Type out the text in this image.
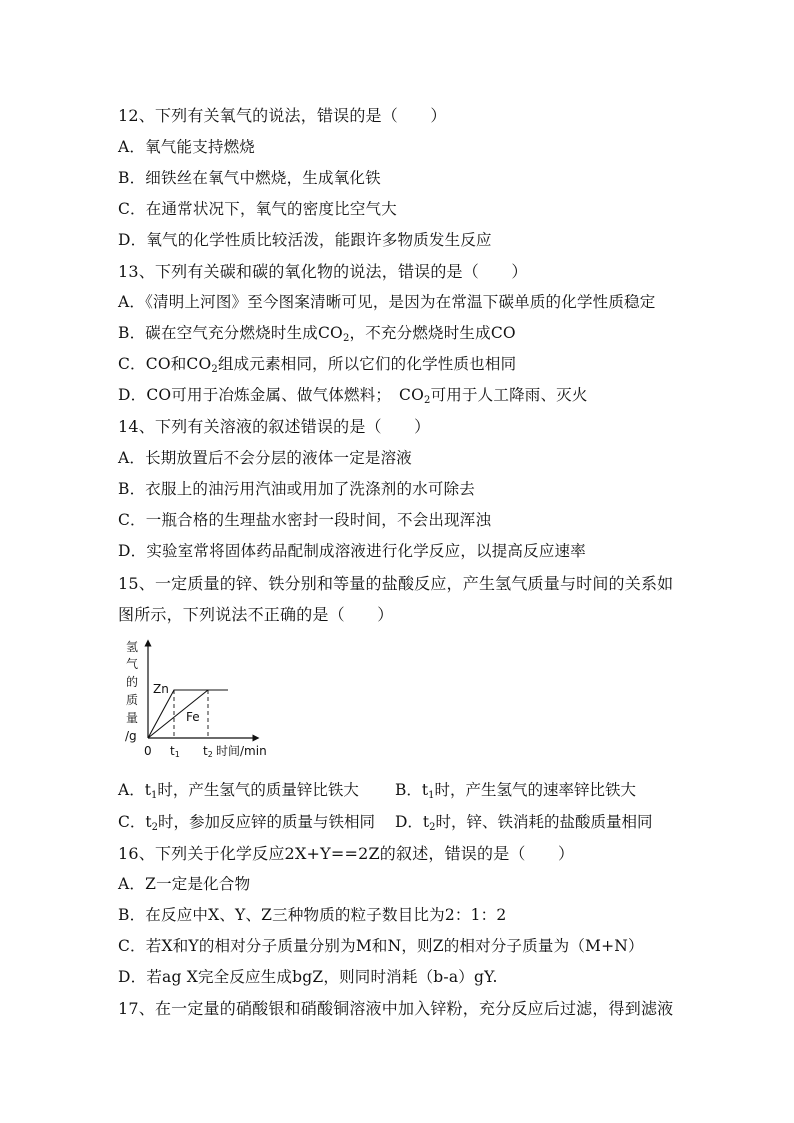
12、下列有关氧气的说法，错误的是（　　）
A．氧气能支持燃烧
B．细铁丝在氧气中燃烧，生成氧化铁
C．在通常状况下，氧气的密度比空气大
D．氧气的化学性质比较活泼，能跟许多物质发生反应
13、下列有关碳和碳的氧化物的说法，错误的是（　　）
A．《清明上河图》至今图案清晰可见，是因为在常温下碳单质的化学性质稳定
B．碳在空气充分燃烧时生成$CO_2$，不充分燃烧时生成CO
C．CO和$CO_2$组成元素相同，所以它们的化学性质也相同
D．CO可用于冶炼金属、做气体燃料；　$CO_2$可用于人工降雨、灭火
14、下列有关溶液的叙述错误的是（　　）
A．长期放置后不会分层的液体一定是溶液
B．衣服上的油污用汽油或用加了洗涤剂的水可除去
C．一瓶合格的生理盐水密封一段时间，不会出现浑浊
D．实验室常将固体药品配制成溶液进行化学反应，以提高反应速率
15、一定质量的锌、铁分别和等量的盐酸反应，产生氢气质量与时间的关系如
图所示，下列说法不正确的是（　　）
氢
气
的
质
量
/g
Zn
Fe
0 t1 t2 时间/min
A．$t_1$时，产生氢气的质量锌比铁大 B．$t_1$时，产生氢气的速率锌比铁大
C．$t_2$时，参加反应锌的质量与铁相同 D．$t_2$时，锌、铁消耗的盐酸质量相同
16、下列关于化学反应2X+Y==2Z的叙述，错误的是（　　）
A．Z一定是化合物
B．在反应中X、Y、Z三种物质的粒子数目比为2：1：2
C．若X和Y的相对分子质量分别为M和N，则Z的相对分子质量为（M+N）
D．若ag X完全反应生成bgZ，则同时消耗（b-a）gY.
17、在一定量的硝酸银和硝酸铜溶液中加入锌粉，充分反应后过滤，得到滤液
